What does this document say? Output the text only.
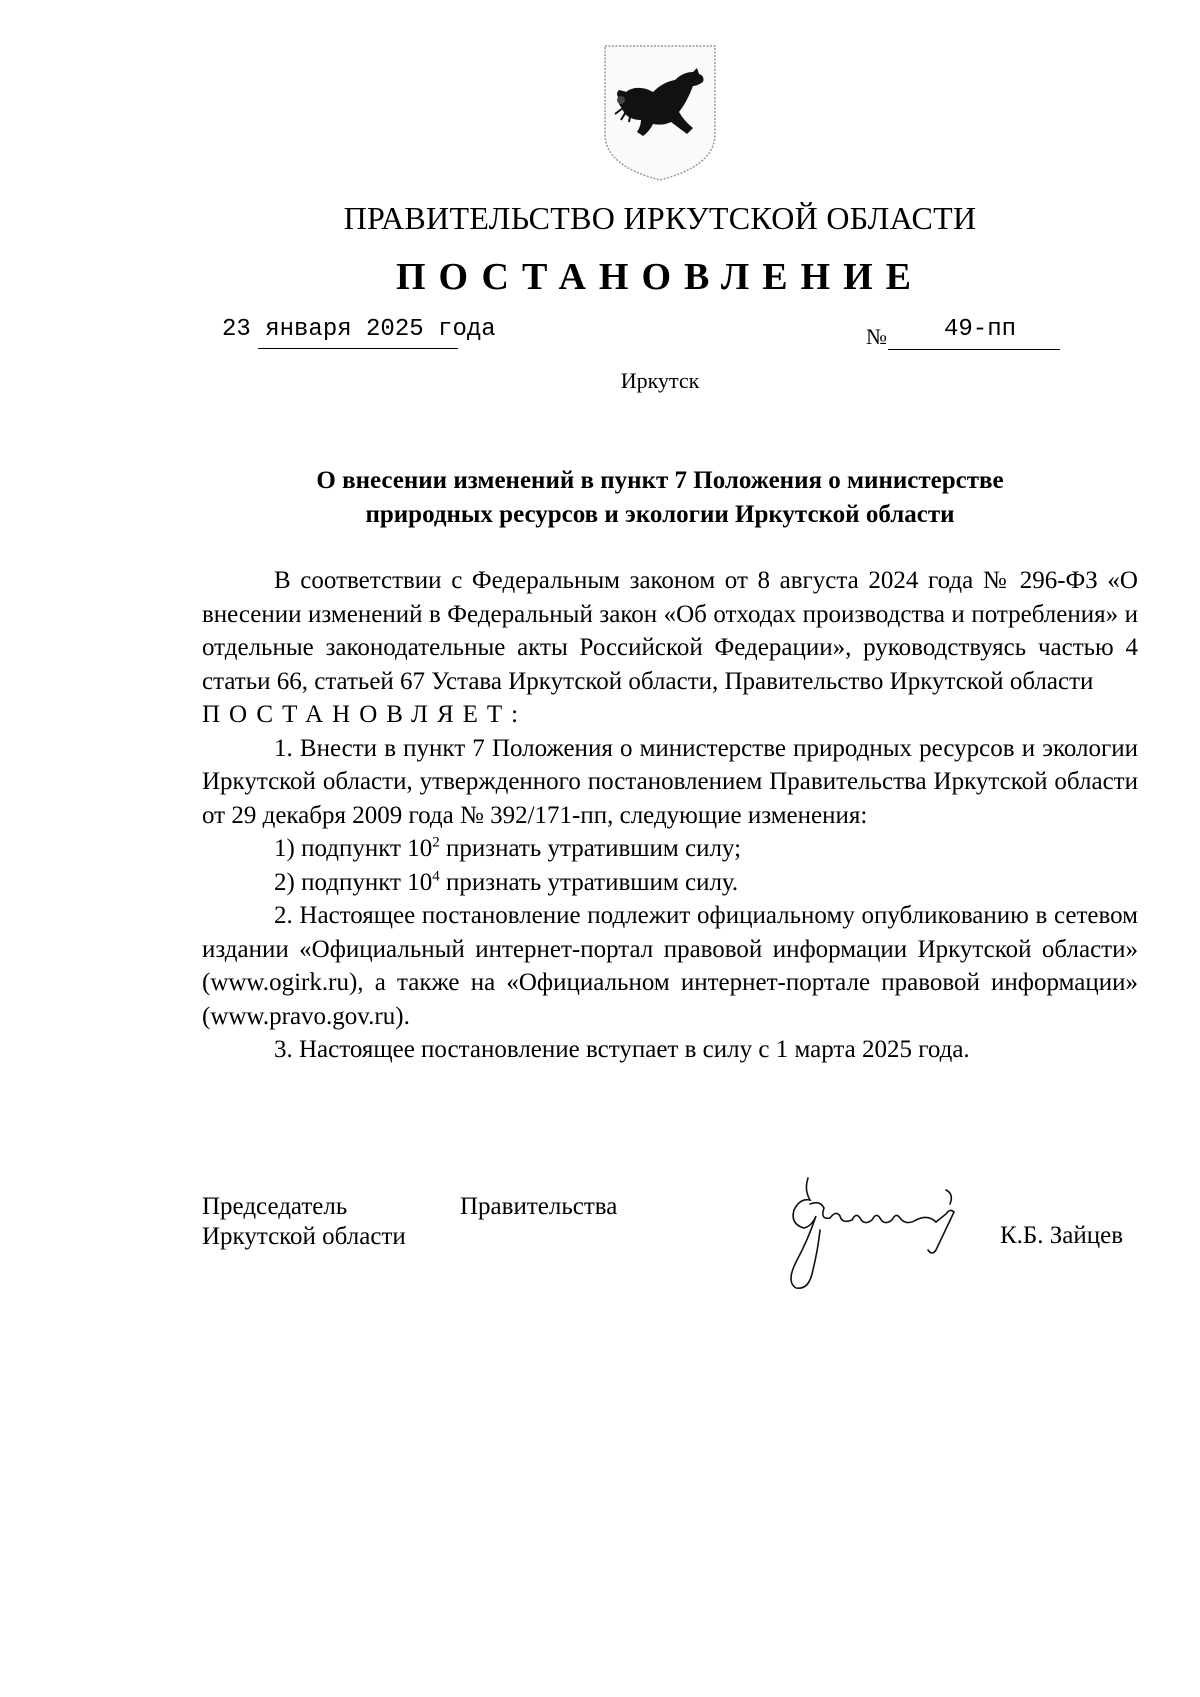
ПРАВИТЕЛЬСТВО ИРКУТСКОЙ ОБЛАСТИ
ПОСТАНОВЛЕНИЕ
23 января 2025 года	№ 49-пп
Иркутск
О внесении изменений в пункт 7 Положения о министерстве
природных ресурсов и экологии Иркутской области

В соответствии с Федеральным законом от 8 августа 2024 года № 296-ФЗ «О внесении изменений в Федеральный закон «Об отходах производства и потребления» и отдельные законодательные акты Российской Федерации», руководствуясь частью 4 статьи 66, статьей 67 Устава Иркутской области, Правительство Иркутской области

ПОСТАНОВЛЯЕТ:

1. Внести в пункт 7 Положения о министерстве природных ресурсов и экологии Иркутской области, утвержденного постановлением Правительства Иркутской области от 29 декабря 2009 года № 392/171-пп, следующие изменения:

1) подпункт $10^2$ признать утратившим силу;

2) подпункт $10^4$ признать утратившим силу.

2. Настоящее постановление подлежит официальному опубликованию в сетевом издании «Официальный интернет-портал правовой информации Иркутской области» (www.ogirk.ru), а также на «Официальном интернет-портале правовой информации» (www.pravo.gov.ru).

3. Настоящее постановление вступает в силу с 1 марта 2025 года.

Председатель	Правительства
Иркутской области	К.Б. Зайцев
